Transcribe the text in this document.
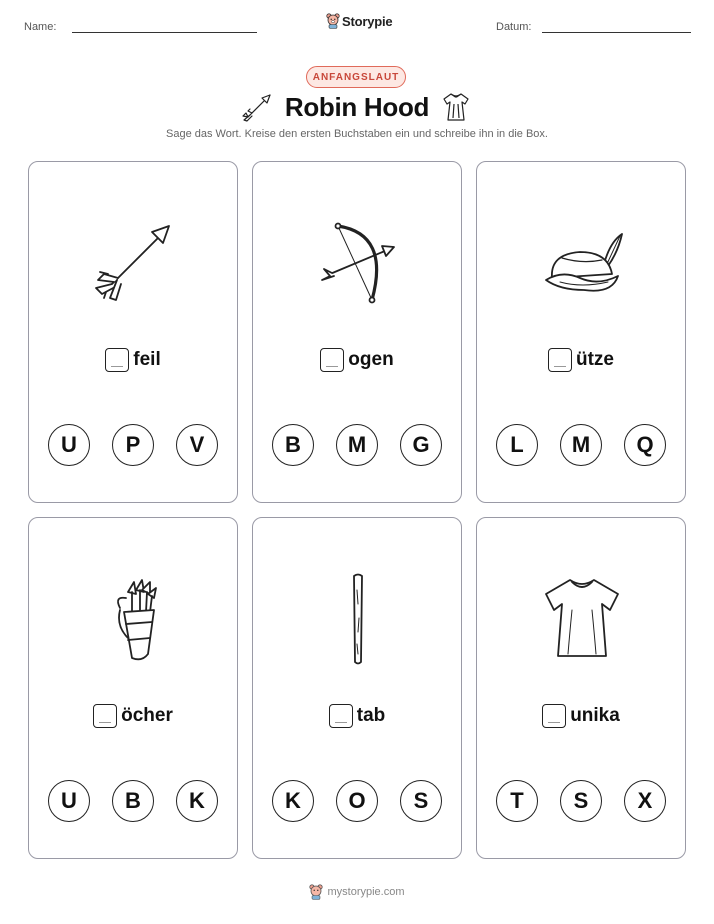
Name:	Storypie	Datum:
ANFANGSLAUT
Robin Hood
Sage das Wort. Kreise den ersten Buchstaben ein und schreibe ihn in die Box.
feil
U	P	V
ogen
B	M	G
ütze
L	M	Q
öcher
U	B	K
tab
K	O	S
unika
T	S	X
mystorypie.com
